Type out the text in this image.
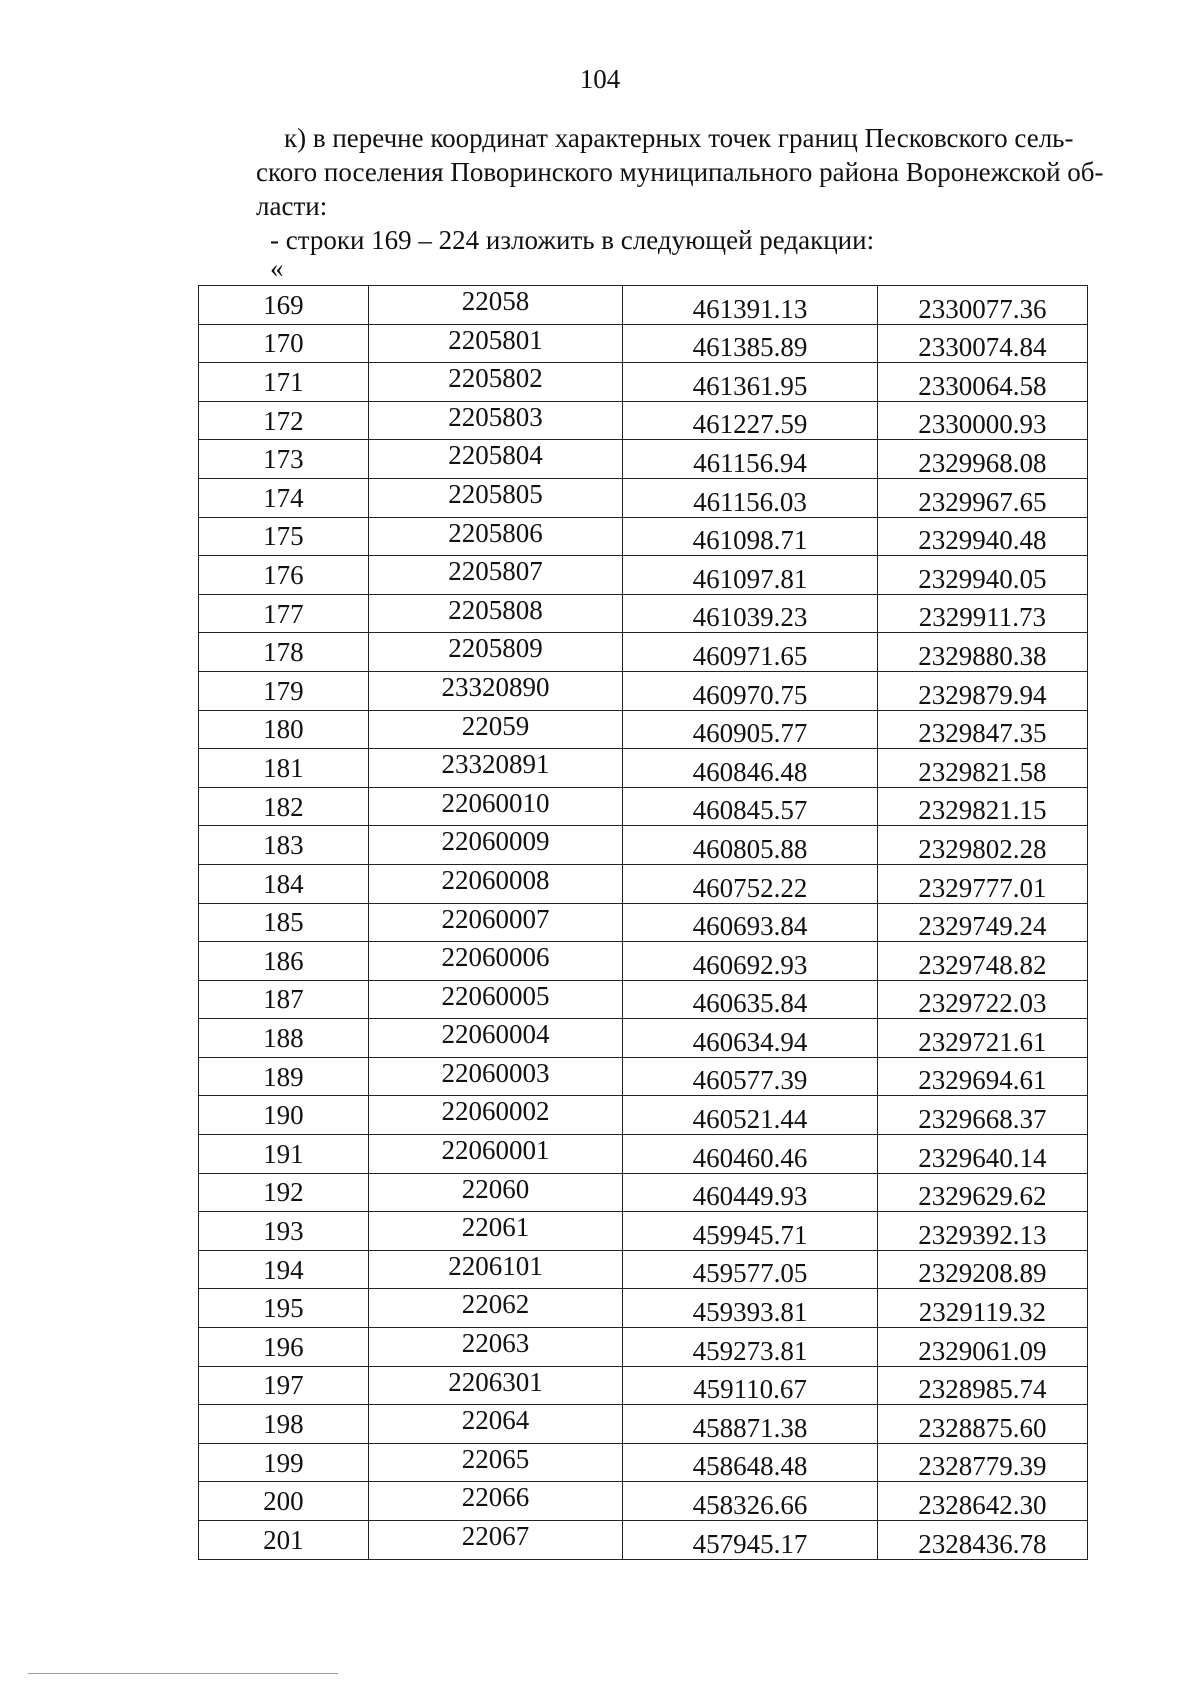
104
к) в перечне координат характерных точек границ Песковского сель-
ского поселения Поворинского муниципального района Воронежской об-
ласти:
- строки 169 – 224 изложить в следующей редакции:
«
169	22058	461391.13	2330077.36
170	2205801	461385.89	2330074.84
171	2205802	461361.95	2330064.58
172	2205803	461227.59	2330000.93
173	2205804	461156.94	2329968.08
174	2205805	461156.03	2329967.65
175	2205806	461098.71	2329940.48
176	2205807	461097.81	2329940.05
177	2205808	461039.23	2329911.73
178	2205809	460971.65	2329880.38
179	23320890	460970.75	2329879.94
180	22059	460905.77	2329847.35
181	23320891	460846.48	2329821.58
182	22060010	460845.57	2329821.15
183	22060009	460805.88	2329802.28
184	22060008	460752.22	2329777.01
185	22060007	460693.84	2329749.24
186	22060006	460692.93	2329748.82
187	22060005	460635.84	2329722.03
188	22060004	460634.94	2329721.61
189	22060003	460577.39	2329694.61
190	22060002	460521.44	2329668.37
191	22060001	460460.46	2329640.14
192	22060	460449.93	2329629.62
193	22061	459945.71	2329392.13
194	2206101	459577.05	2329208.89
195	22062	459393.81	2329119.32
196	22063	459273.81	2329061.09
197	2206301	459110.67	2328985.74
198	22064	458871.38	2328875.60
199	22065	458648.48	2328779.39
200	22066	458326.66	2328642.30
201	22067	457945.17	2328436.78
